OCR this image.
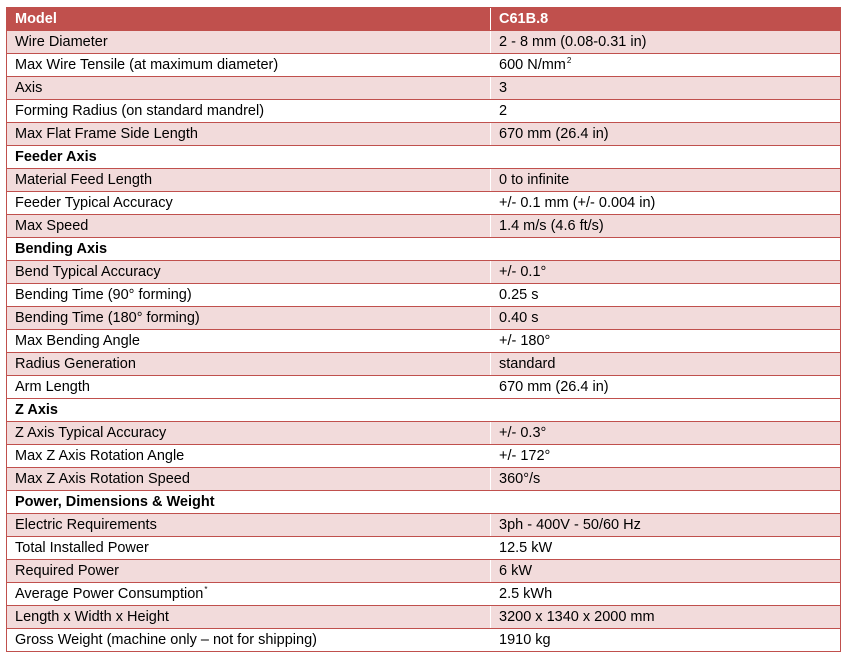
Model	C61B.8
Wire Diameter	2 - 8 mm (0.08-0.31 in)
Max Wire Tensile (at maximum diameter)	600 N/mm$^2$
Axis	3
Forming Radius (on standard mandrel)	2
Max Flat Frame Side Length	670 mm (26.4 in)
Feeder Axis	
Material Feed Length	0 to infinite
Feeder Typical Accuracy	+/- 0.1 mm (+/- 0.004 in)
Max Speed	1.4 m/s (4.6 ft/s)
Bending Axis	
Bend Typical Accuracy	+/- 0.1°
Bending Time (90° forming)	0.25 s
Bending Time (180° forming)	0.40 s
Max Bending Angle	+/- 180°
Radius Generation	standard
Arm Length	670 mm (26.4 in)
Z Axis	
Z Axis Typical Accuracy	+/- 0.3°
Max Z Axis Rotation Angle	+/- 172°
Max Z Axis Rotation Speed	360°/s
Power, Dimensions & Weight	
Electric Requirements	3ph - 400V - 50/60 Hz
Total Installed Power	12.5 kW
Required Power	6 kW
Average Power Consumption*	2.5 kWh
Length x Width x Height	3200 x 1340 x 2000 mm
Gross Weight (machine only – not for shipping)	1910 kg
